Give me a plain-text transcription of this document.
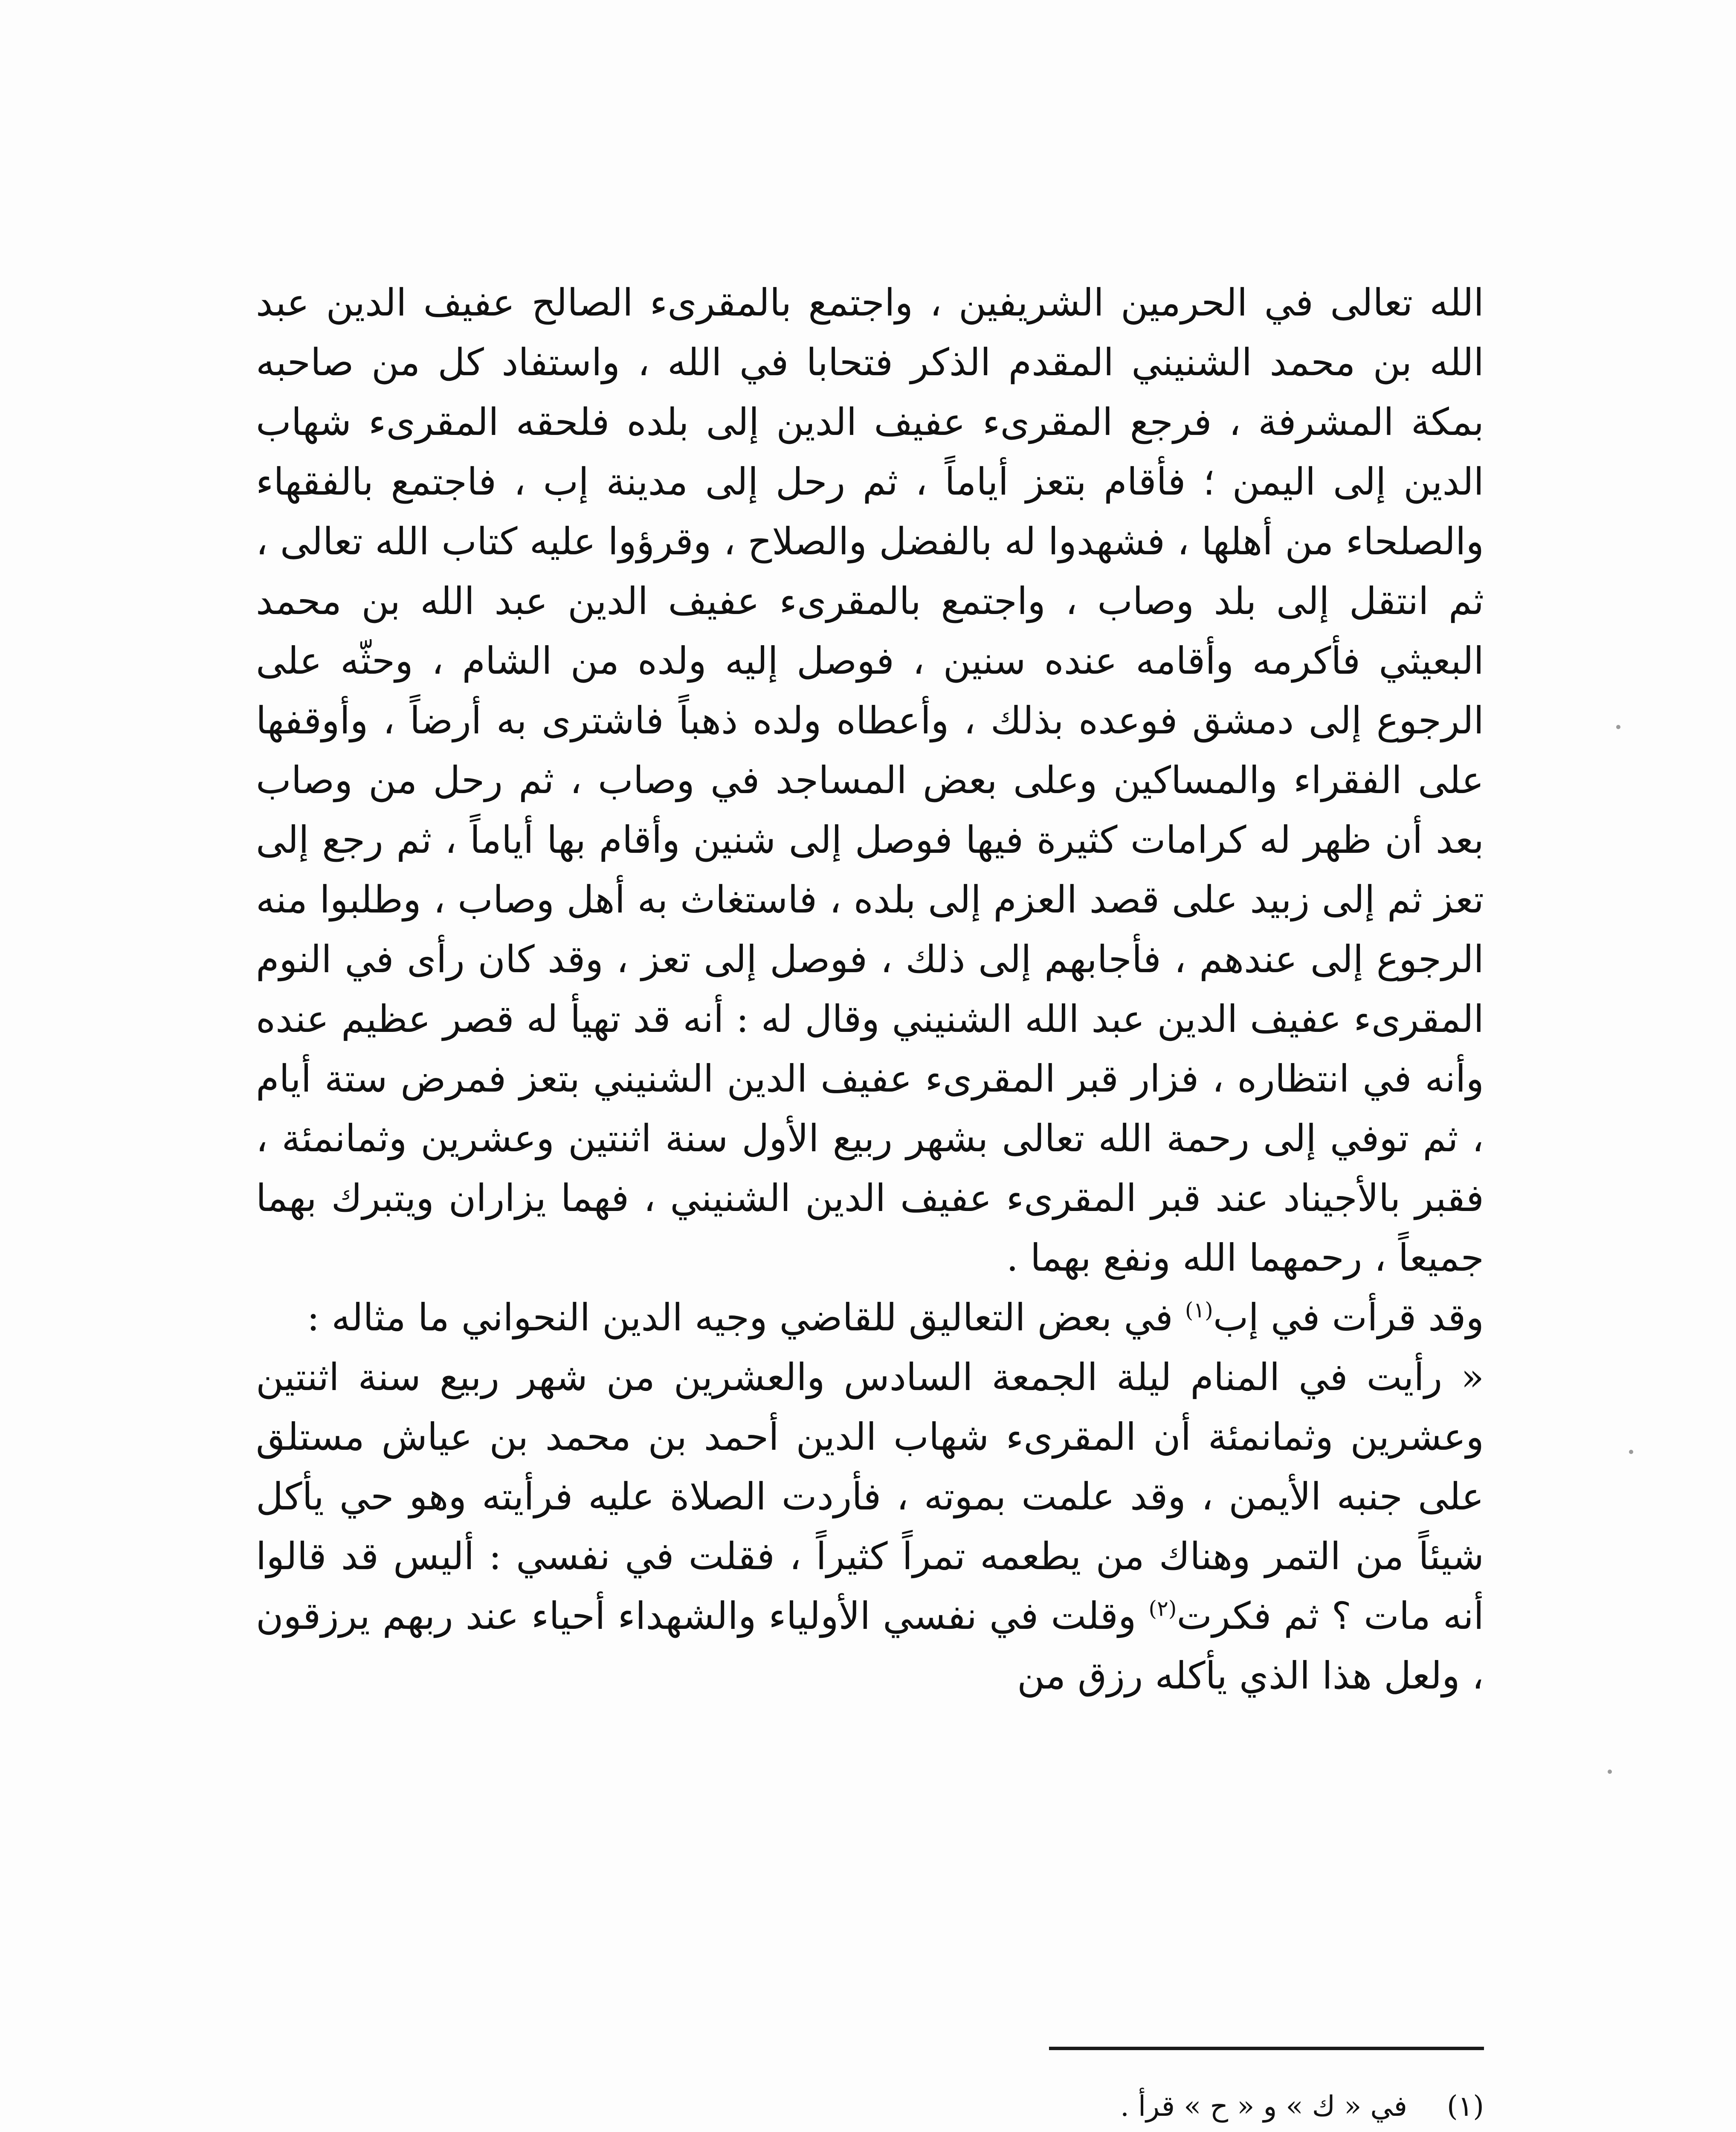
الله تعالى في الحرمين الشريفين ، واجتمع بالمقرىء الصالح عفيف الدين عبد الله بن محمد الشنيني المقدم الذكر فتحابا في الله ، واستفاد كل من صاحبه بمكة المشرفة ، فرجع المقرىء عفيف الدين إلى بلده فلحقه المقرىء شهاب الدين إلى اليمن ؛ فأقام بتعز أياماً ، ثم رحل إلى مدينة إب ، فاجتمع بالفقهاء والصلحاء من أهلها ، فشهدوا له بالفضل والصلاح ، وقرؤوا عليه كتاب الله تعالى ، ثم انتقل إلى بلد وصاب ، واجتمع بالمقرىء عفيف الدين عبد الله بن محمد البعيثي فأكرمه وأقامه عنده سنين ، فوصل إليه ولده من الشام ، وحثّه على الرجوع إلى دمشق فوعده بذلك ، وأعطاه ولده ذهباً فاشترى به أرضاً ، وأوقفها على الفقراء والمساكين وعلى بعض المساجد في وصاب ، ثم رحل من وصاب بعد أن ظهر له كرامات كثيرة فيها فوصل إلى شنين وأقام بها أياماً ، ثم رجع إلى تعز ثم إلى زبيد على قصد العزم إلى بلده ، فاستغاث به أهل وصاب ، وطلبوا منه الرجوع إلى عندهم ، فأجابهم إلى ذلك ، فوصل إلى تعز ، وقد كان رأى في النوم المقرىء عفيف الدين عبد الله الشنيني وقال له : أنه قد تهيأ له قصر عظيم عنده وأنه في انتظاره ، فزار قبر المقرىء عفيف الدين الشنيني بتعز فمرض ستة أيام ، ثم توفي إلى رحمة الله تعالى بشهر ربيع الأول سنة اثنتين وعشرين وثمانمئة ، فقبر بالأجيناد عند قبر المقرىء عفيف الدين الشنيني ، فهما يزاران ويتبرك بهما جميعاً ، رحمهما الله ونفع بهما .

وقد قرأت في إب$^{(١)}$ في بعض التعاليق للقاضي وجيه الدين النحواني ما مثاله :

« رأيت في المنام ليلة الجمعة السادس والعشرين من شهر ربيع سنة اثنتين وعشرين وثمانمئة أن المقرىء شهاب الدين أحمد بن محمد بن عياش مستلق على جنبه الأيمن ، وقد علمت بموته ، فأردت الصلاة عليه فرأيته وهو حي يأكل شيئاً من التمر وهناك من يطعمه تمراً كثيراً ، فقلت في نفسي : أليس قد قالوا أنه مات ؟ ثم فكرت$^{(٢)}$ وقلت في نفسي الأولياء والشهداء أحياء عند ربهم يرزقون ، ولعل هذا الذي يأكله رزق من

(١)
في « ك » و « ح » قرأ .
